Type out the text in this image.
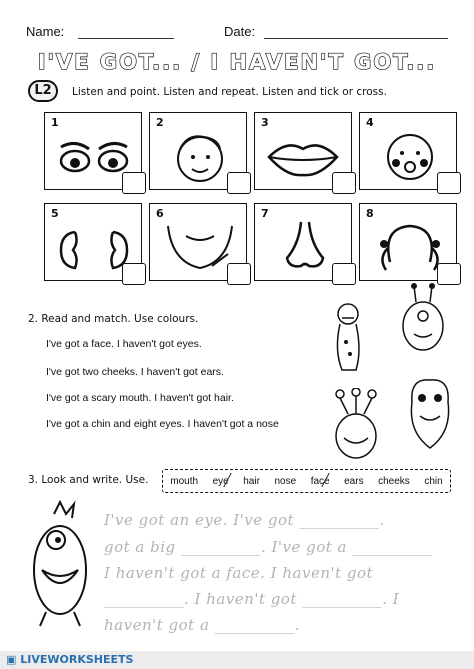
Name:	Date:
I'VE GOT... / I HAVEN'T GOT...
L2	Listen and point. Listen and repeat. Listen and tick or cross.
1	2	3	4
5	6	7	8
2. Read and match. Use colours.
I've got a face. I haven't got eyes.
I've got two cheeks. I haven't got ears.
I've got a scary mouth. I haven't got hair.
I've got a chin and eight eyes. I haven't got a nose
3. Look and write. Use. mouth eye hair nose face ears cheeks chin
I've got an eye. I've got __________.
got a big __________. I've got a __________
I haven't got a face. I haven't got
__________. I haven't got __________. I
haven't got a __________.
▣ LIVEWORKSHEETS
